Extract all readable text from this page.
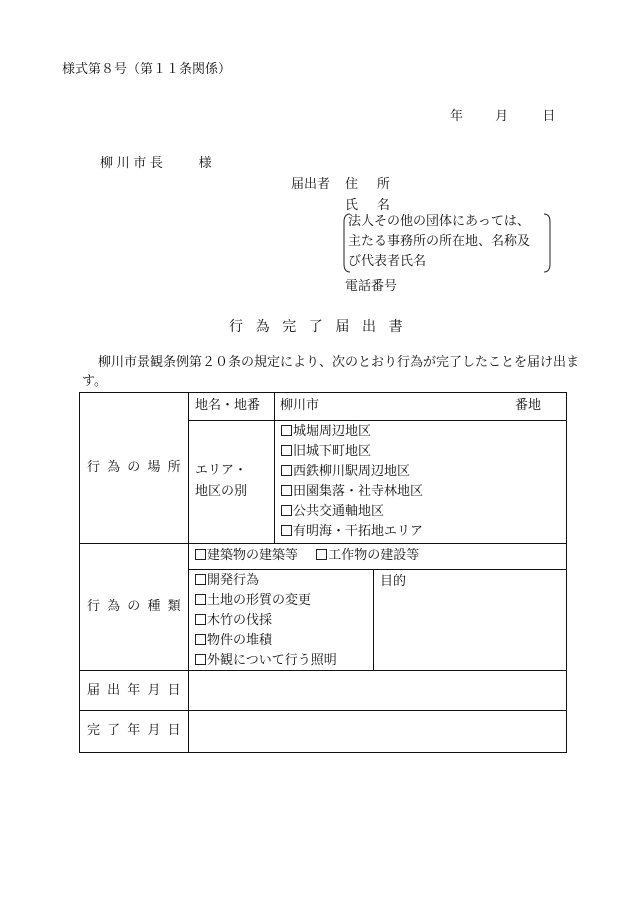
様式第８号（第１１条関係）
年 月	日
柳川市長 様
届出者 住所
氏名
法人その他の団体にあっては、
主たる事務所の所在地、名称及
び代表者氏名
電話番号
行為完了届出書
柳川市景観条例第２０条の規定により、次のとおり行為が完了したことを届け出ます。
行為の場所
地名・地番 柳川市	番地
エリア・
地区の別
城堀周辺地区
旧城下町地区
西鉄柳川駅周辺地区
田園集落・社寺林地区
公共交通軸地区
有明海・干拓地エリア
行為の種類
建築物の建築等 工作物の建設等
開発行為
土地の形質の変更
木竹の伐採
物件の堆積
外観について行う照明
目的
届出年月日
完了年月日
